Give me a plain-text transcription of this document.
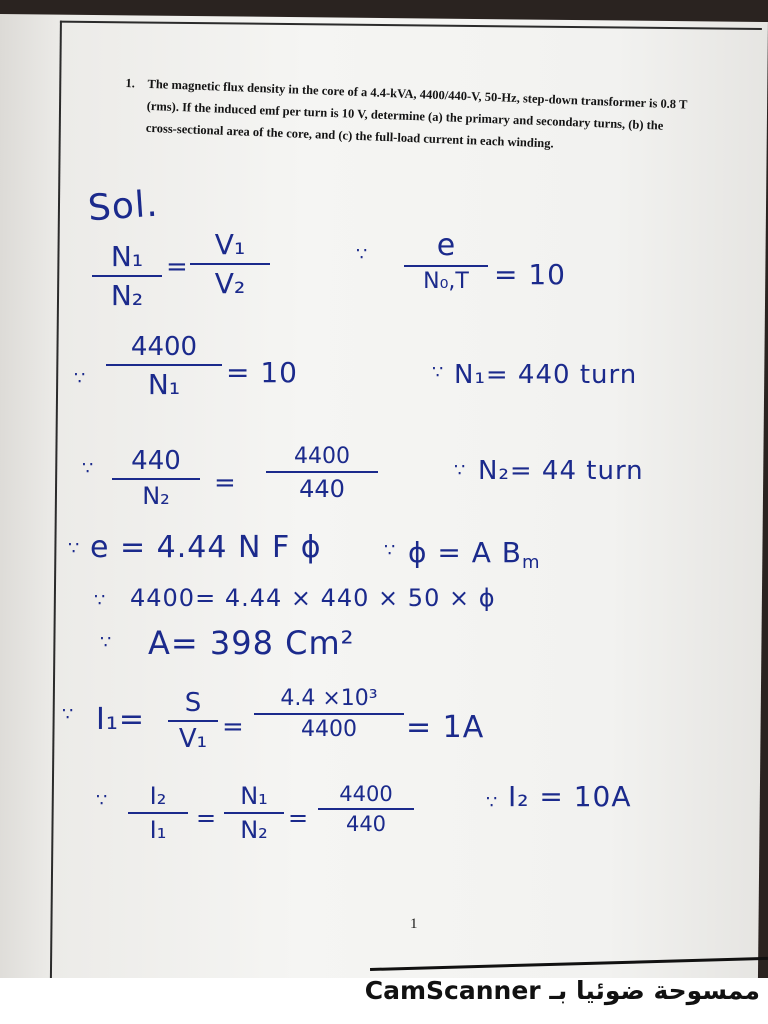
1. The magnetic flux density in the core of a 4.4-kVA, 4400/440-V, 50-Hz, step-down transformer is 0.8 T (rms). If the induced emf per turn is 10 V, determine (a) the primary and secondary turns, (b) the cross-sectional area of the core, and (c) the full-load current in each winding.
Sol.
N₁
N₂
=
V₁
V₂
∵ e
N₀,T = 10
∵
4400
N₁ = 10	∵ N₁= 440 turn
∵ 440
N₂ =
4400
440
∵ N₂= 44 turn
∵ e = 4.44 N F ϕ	∵ ϕ = A $B_m$
∵ 4400= 4.44 × 440 × 50 × ϕ
∵ A= 398 Cm²
∵ I₁= S
V₁ =
4.4 ×10³
4400 = 1A
∵ I₂
I₁ =
N₁
N₂ =
4400
440
∵ I₂ = 10A
1
CamScanner ممسوحة ضوئيا بـ
